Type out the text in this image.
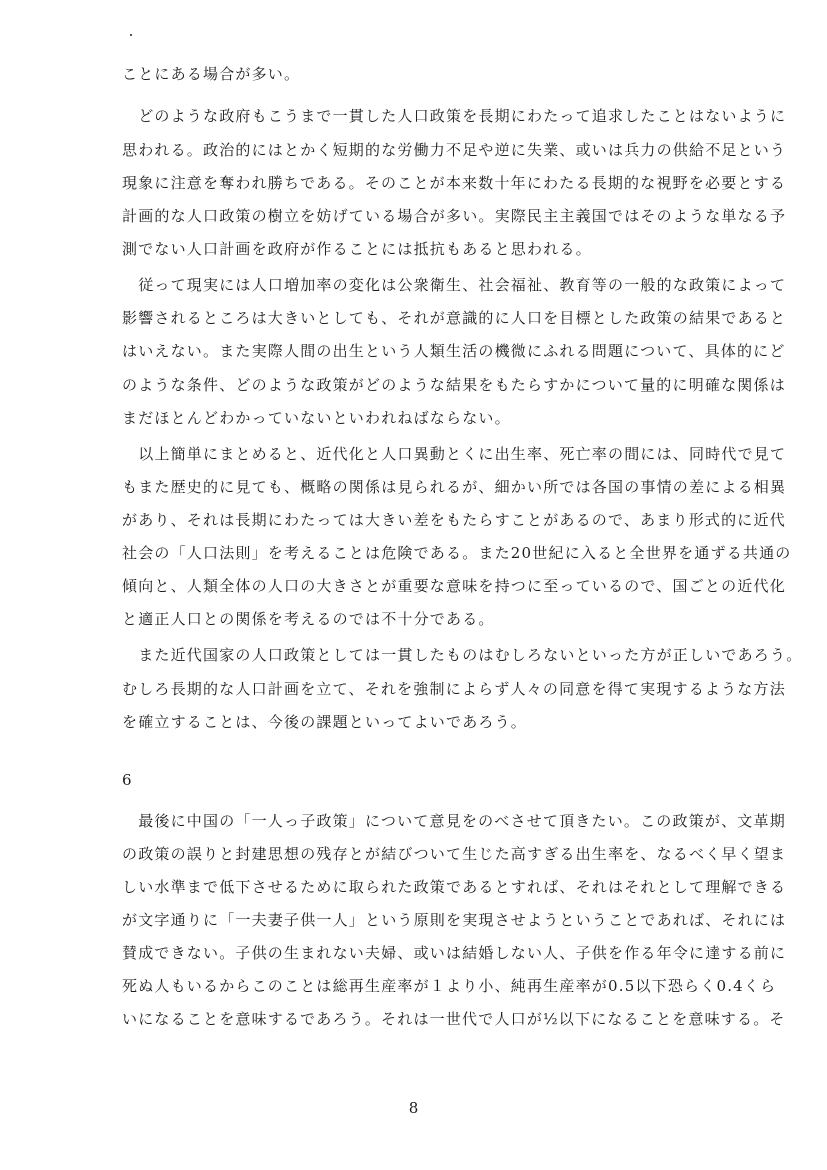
ことにある場合が多い。
　どのような政府もこうまで一貫した人口政策を長期にわたって追求したことはないように
思われる。政治的にはとかく短期的な労働力不足や逆に失業、或いは兵力の供給不足という
現象に注意を奪われ勝ちである。そのことが本来数十年にわたる長期的な視野を必要とする
計画的な人口政策の樹立を妨げている場合が多い。実際民主主義国ではそのような単なる予
測でない人口計画を政府が作ることには抵抗もあると思われる。
　従って現実には人口増加率の変化は公衆衛生、社会福祉、教育等の一般的な政策によって
影響されるところは大きいとしても、それが意識的に人口を目標とした政策の結果であると
はいえない。また実際人間の出生という人類生活の機微にふれる問題について、具体的にど
のような条件、どのような政策がどのような結果をもたらすかについて量的に明確な関係は
まだほとんどわかっていないといわれねばならない。
　以上簡単にまとめると、近代化と人口異動とくに出生率、死亡率の間には、同時代で見て
もまた歴史的に見ても、概略の関係は見られるが、細かい所では各国の事情の差による相異
があり、それは長期にわたっては大きい差をもたらすことがあるので、あまり形式的に近代
社会の「人口法則」を考えることは危険である。また20世紀に入ると全世界を通ずる共通の
傾向と、人類全体の人口の大きさとが重要な意味を持つに至っているので、国ごとの近代化
と適正人口との関係を考えるのでは不十分である。
　また近代国家の人口政策としては一貫したものはむしろないといった方が正しいであろう。
むしろ長期的な人口計画を立て、それを強制によらず人々の同意を得て実現するような方法
を確立することは、今後の課題といってよいであろう。
6
　最後に中国の「一人っ子政策」について意見をのべさせて頂きたい。この政策が、文革期
の政策の誤りと封建思想の残存とが結びついて生じた高すぎる出生率を、なるべく早く望ま
しい水準まで低下させるために取られた政策であるとすれば、それはそれとして理解できる
が文字通りに「一夫妻子供一人」という原則を実現させようということであれば、それには
賛成できない。子供の生まれない夫婦、或いは結婚しない人、子供を作る年令に達する前に
死ぬ人もいるからこのことは総再生産率が１より小、純再生産率が0.5以下恐らく0.4くら
いになることを意味するであろう。それは一世代で人口が½以下になることを意味する。そ
8
